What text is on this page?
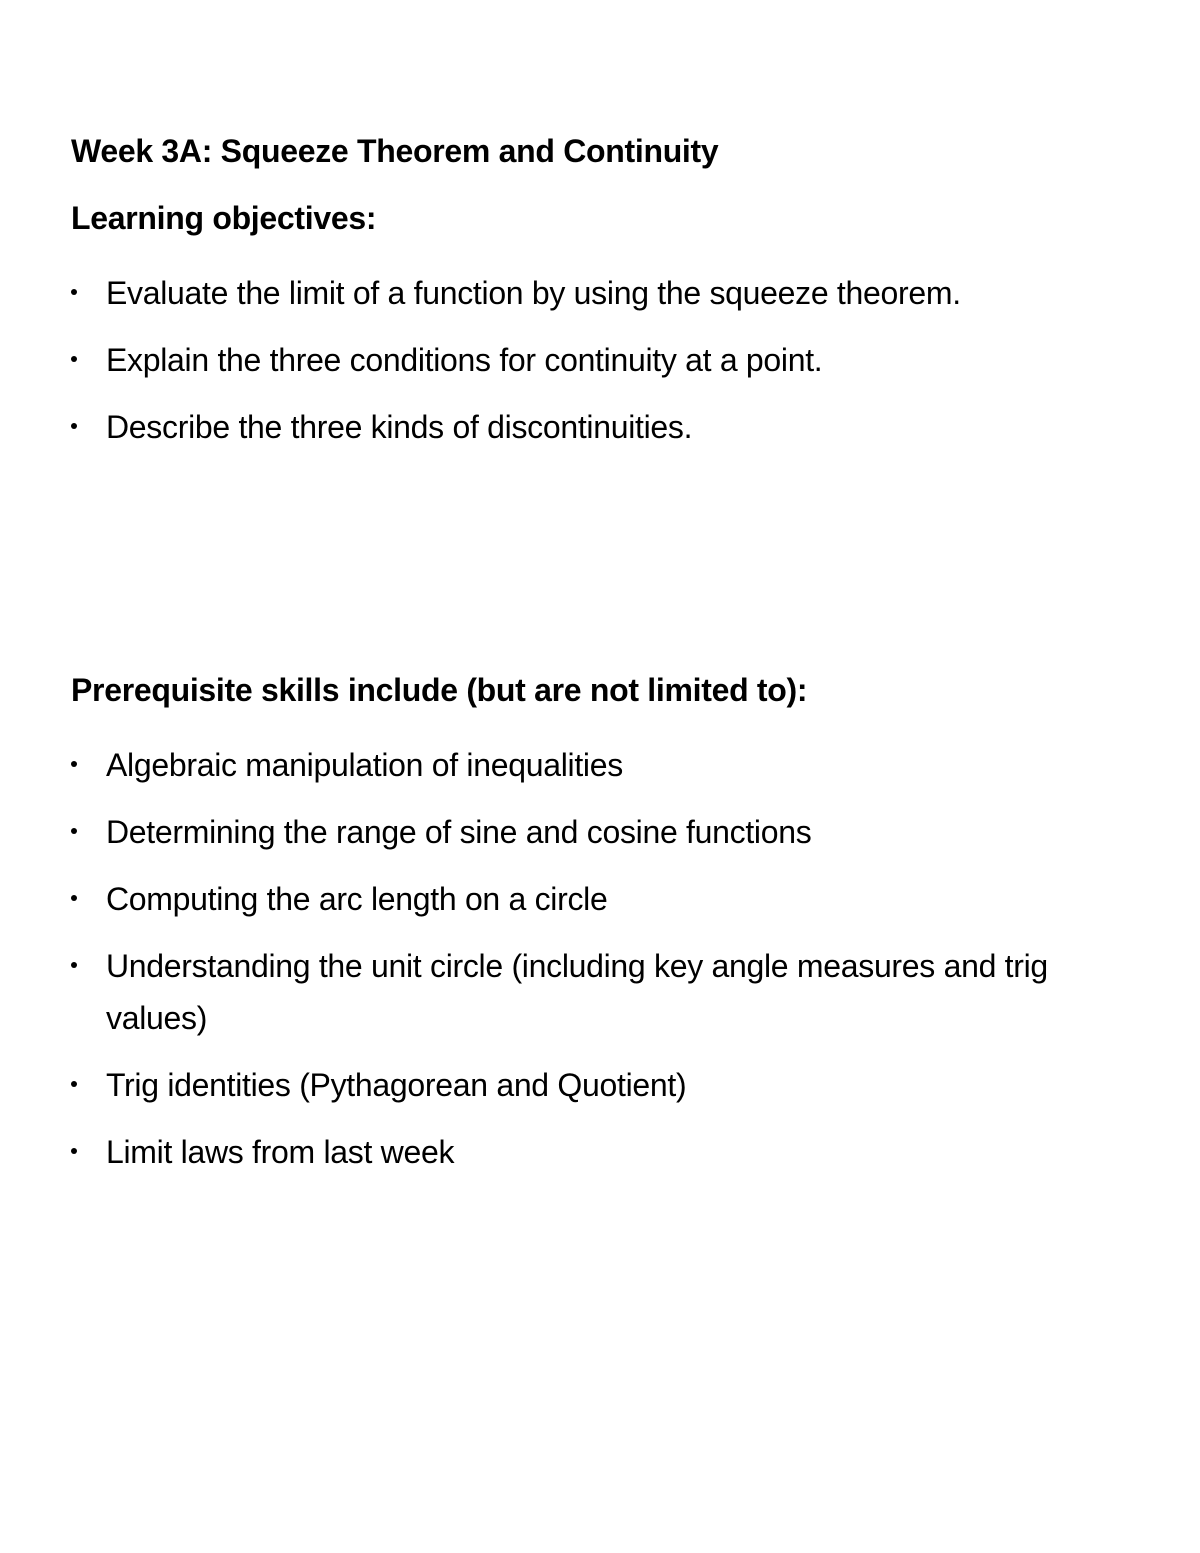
Week 3A: Squeeze Theorem and Continuity
Learning objectives:
Evaluate the limit of a function by using the squeeze theorem.
Explain the three conditions for continuity at a point.
Describe the three kinds of discontinuities.
Prerequisite skills include (but are not limited to):
Algebraic manipulation of inequalities
Determining the range of sine and cosine functions
Computing the arc length on a circle
Understanding the unit circle (including key angle measures and trig values)
Trig identities (Pythagorean and Quotient)
Limit laws from last week
